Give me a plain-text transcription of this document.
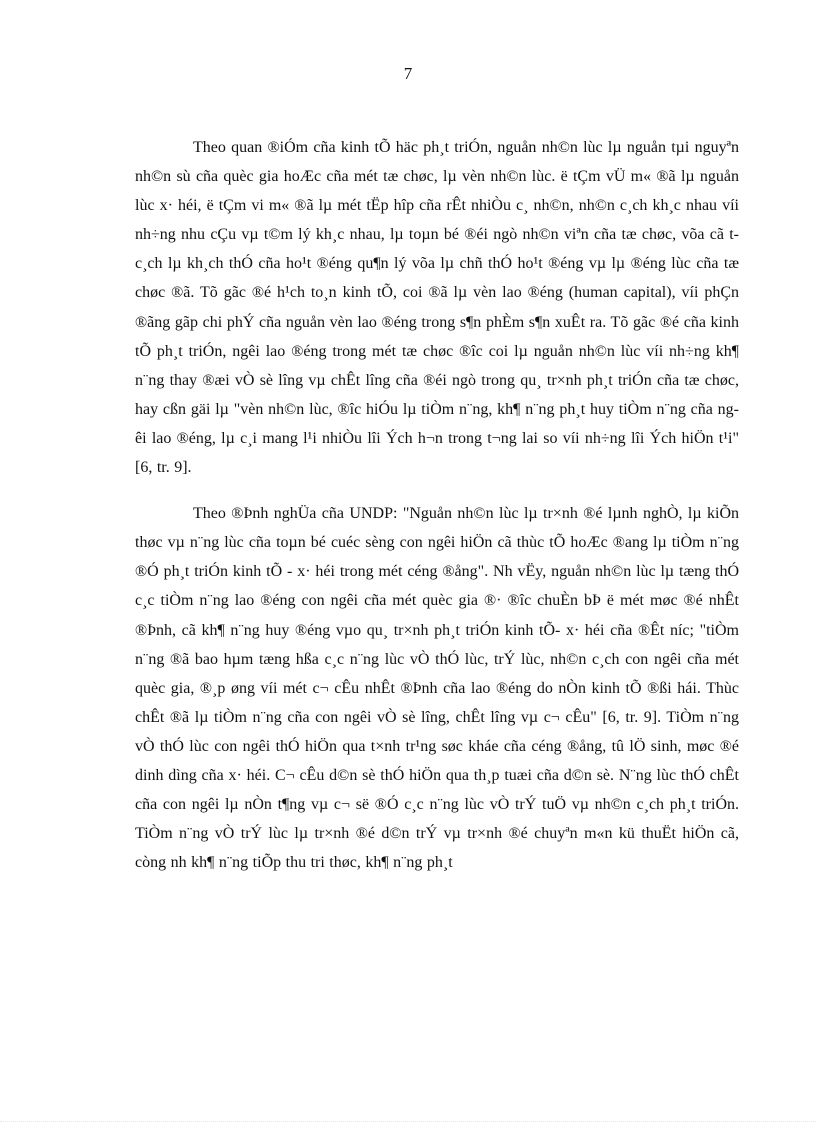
7

Theo quan ®iÓm cña kinh tÕ häc ph¸t triÓn, nguån nh©n lùc lµ nguån tµi nguyªn nh©n sù cña quèc gia hoÆc cña mét tæ chøc, lµ vèn nh©n lùc. ë tÇm vÜ m« ®ã lµ nguån lùc x· héi, ë tÇm vi m« ®ã lµ mét tËp hîp cña rÊt nhiÒu c¸ nh©n, nh©n c¸ch kh¸c nhau víi nh÷ng nhu cÇu vµ t©m lý kh¸c nhau, lµ toµn bé ®éi ngò nh©n viªn cña tæ chøc, võa cã t c¸ch lµ kh¸ch thÓ cña ho¹t ®éng qu¶n lý võa lµ chñ thÓ ho¹t ®éng vµ lµ ®éng lùc cña tæ chøc ®ã. Tõ gãc ®é h¹ch to¸n kinh tÕ, coi ®ã lµ vèn lao ®éng (human capital), víi phÇn ®ãng gãp chi phÝ cña nguån vèn lao ®éng trong s¶n phÈm s¶n xuÊt ra. Tõ gãc ®é cña kinh tÕ ph¸t triÓn, ngêi lao ®éng trong mét tæ chøc ®îc coi lµ nguån nh©n lùc víi nh÷ng kh¶ n¨ng thay ®æi vÒ sè lîng vµ chÊt lîng cña ®éi ngò trong qu¸ tr×nh ph¸t triÓn cña tæ chøc, hay cßn gäi lµ "vèn nh©n lùc, ®îc hiÓu lµ tiÒm n¨ng, kh¶ n¨ng ph¸t huy tiÒm n¨ng cña ngêi lao ®éng, lµ c¸i mang l¹i nhiÒu lîi Ých h¬n trong t¬ng lai so víi nh÷ng lîi Ých hiÖn t¹i" [6, tr. 9].

Theo ®Þnh nghÜa cña UNDP: "Nguån nh©n lùc lµ tr×nh ®é lµnh nghÒ, lµ kiÕn thøc vµ n¨ng lùc cña toµn bé cuéc sèng con ngêi hiÖn cã thùc tÕ hoÆc ®ang lµ tiÒm n¨ng ®Ó ph¸t triÓn kinh tÕ - x· héi trong mét céng ®ång". Nh vËy, nguån nh©n lùc lµ tæng thÓ c¸c tiÒm n¨ng lao ®éng con ngêi cña mét quèc gia ®· ®îc chuÈn bÞ ë mét møc ®é nhÊt ®Þnh, cã kh¶ n¨ng huy ®éng vµo qu¸ tr×nh ph¸t triÓn kinh tÕ- x· héi cña ®Êt níc; "tiÒm n¨ng ®ã bao hµm tæng hßa c¸c n¨ng lùc vÒ thÓ lùc, trÝ lùc, nh©n c¸ch con ngêi cña mét quèc gia, ®¸p øng víi mét c¬ cÊu nhÊt ®Þnh cña lao ®éng do nÒn kinh tÕ ®ßi hái. Thùc chÊt ®ã lµ tiÒm n¨ng cña con ngêi vÒ sè lîng, chÊt lîng vµ c¬ cÊu" [6, tr. 9]. TiÒm n¨ng vÒ thÓ lùc con ngêi thÓ hiÖn qua t×nh tr¹ng søc kháe cña céng ®ång, tû lÖ sinh, møc ®é dinh dìng cña x· héi. C¬ cÊu d©n sè thÓ hiÖn qua th¸p tuæi cña d©n sè. N¨ng lùc thÓ chÊt cña con ngêi lµ nÒn t¶ng vµ c¬ së ®Ó c¸c n¨ng lùc vÒ trÝ tuÖ vµ nh©n c¸ch ph¸t triÓn. TiÒm n¨ng vÒ trÝ lùc lµ tr×nh ®é d©n trÝ vµ tr×nh ®é chuyªn m«n kü thuËt hiÖn cã, còng nh kh¶ n¨ng tiÕp thu tri thøc, kh¶ n¨ng ph¸t
